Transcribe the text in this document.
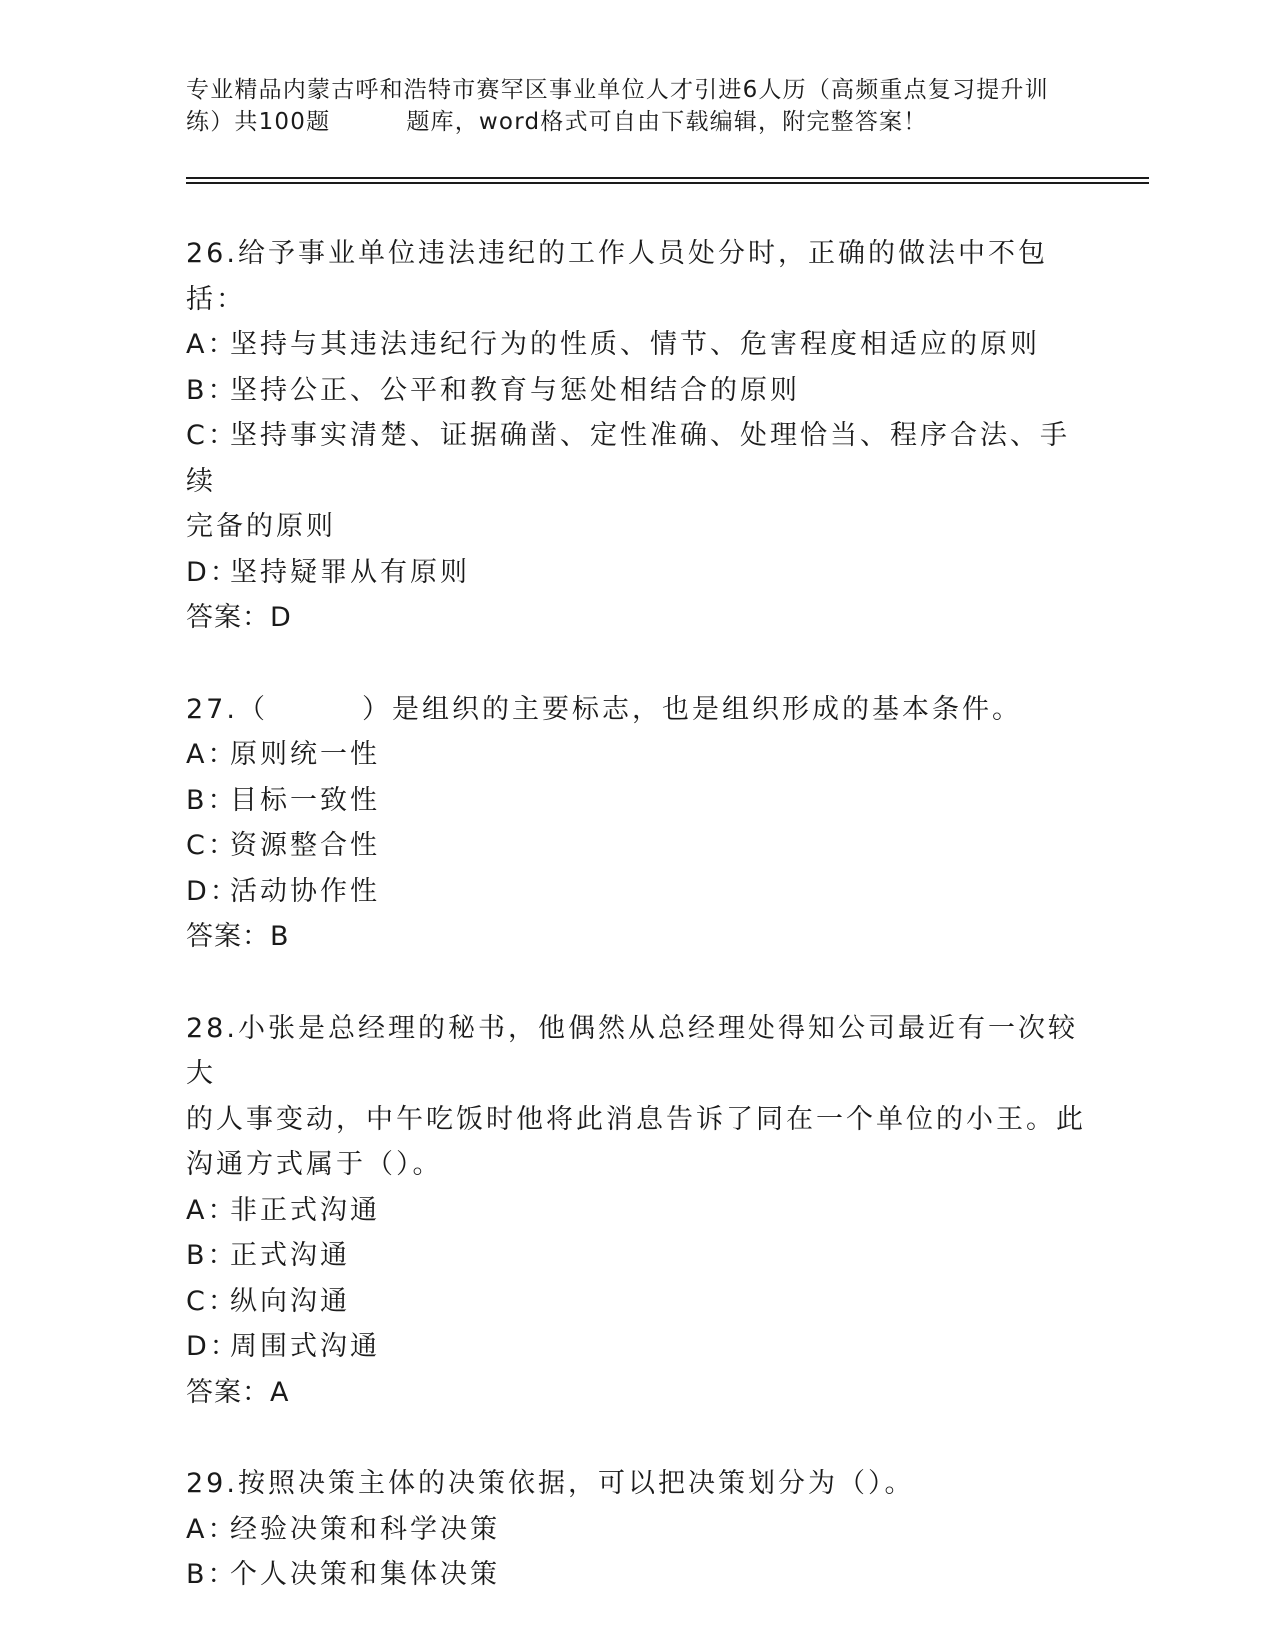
专业精品内蒙古呼和浩特市赛罕区事业单位人才引进6人历（高频重点复习提升训
练）共100题	题库，word格式可自由下载编辑，附完整答案！
26.给予事业单位违法违纪的工作人员处分时，正确的做法中不包括：
A：坚持与其违法违纪行为的性质、情节、危害程度相适应的原则
B：坚持公正、公平和教育与惩处相结合的原则
C：坚持事实清楚、证据确凿、定性准确、处理恰当、程序合法、手续
完备的原则
D：坚持疑罪从有原则
答案：D
27.（	）是组织的主要标志，也是组织形成的基本条件。
A：原则统一性
B：目标一致性
C：资源整合性
D：活动协作性
答案：B
28.小张是总经理的秘书，他偶然从总经理处得知公司最近有一次较大
的人事变动，中午吃饭时他将此消息告诉了同在一个单位的小王。此
沟通方式属于（）。
A：非正式沟通
B：正式沟通
C：纵向沟通
D：周围式沟通
答案：A
29.按照决策主体的决策依据，可以把决策划分为（）。
A：经验决策和科学决策
B：个人决策和集体决策
